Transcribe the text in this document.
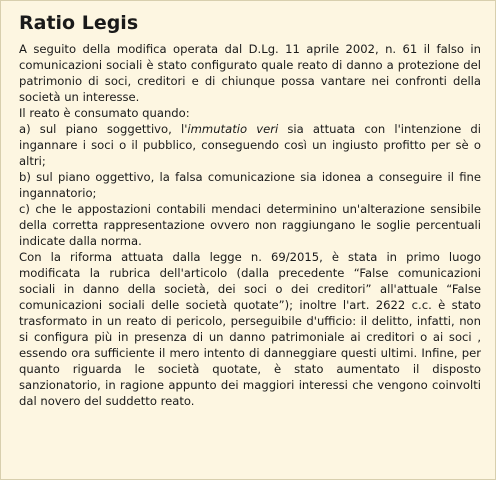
Ratio Legis

A seguito della modifica operata dal D.Lg. 11 aprile 2002, n. 61 il falso in comunicazioni sociali è stato configurato quale reato di danno a protezione del patrimonio di soci, creditori e di chiunque possa vantare nei confronti della società un interesse.

Il reato è consumato quando:

a) sul piano soggettivo, l'immutatio veri sia attuata con l'intenzione di ingannare i soci o il pubblico, conseguendo così un ingiusto profitto per sè o altri;

b) sul piano oggettivo, la falsa comunicazione sia idonea a conseguire il fine ingannatorio;

c) che le appostazioni contabili mendaci determinino un'alterazione sensibile della corretta rappresentazione ovvero non raggiungano le soglie percentuali indicate dalla norma.

Con la riforma attuata dalla legge n. 69/2015, è stata in primo luogo modificata la rubrica dell'articolo (dalla precedente “False comunicazioni sociali in danno della società, dei soci o dei creditori” all'attuale “False comunicazioni sociali delle società quotate”); inoltre l'art. 2622 c.c. è stato trasformato in un reato di pericolo, perseguibile d'ufficio: il delitto, infatti, non si configura più in presenza di un danno patrimoniale ai creditori o ai soci , essendo ora sufficiente il mero intento di danneggiare questi ultimi. Infine, per quanto riguarda le società quotate, è stato aumentato il disposto sanzionatorio, in ragione appunto dei maggiori interessi che vengono coinvolti dal novero del suddetto reato.
